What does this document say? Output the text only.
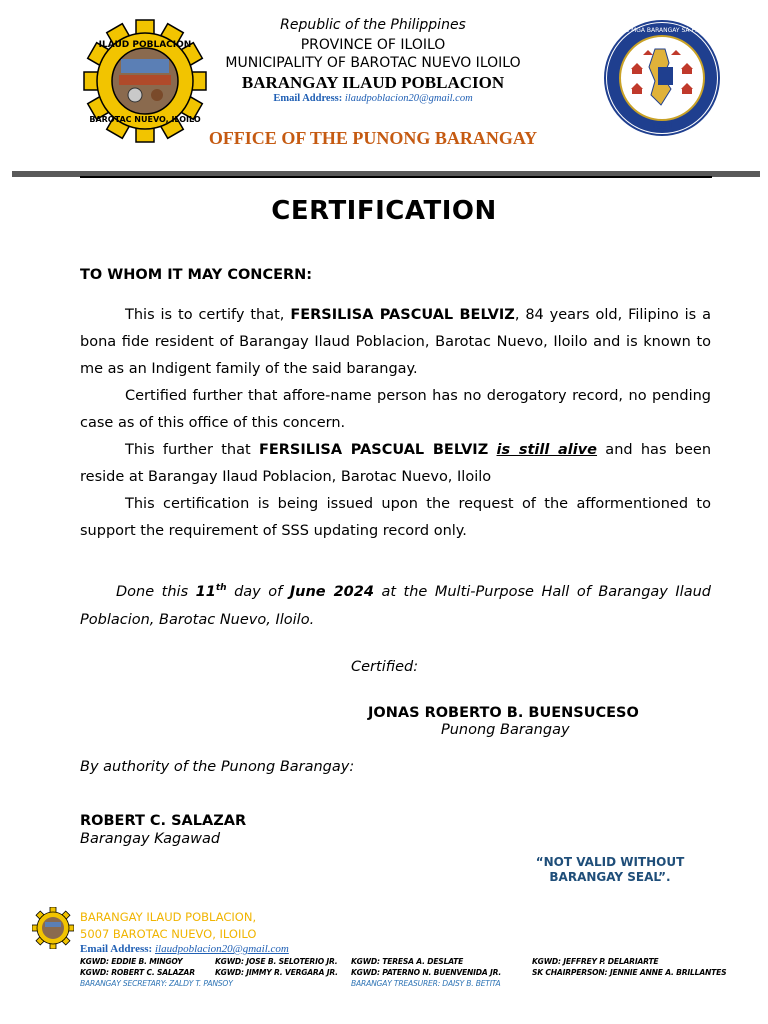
ILAUD POBLACION
BAROTAC NUEVO, ILOILO
LIGA NG MGA BARANGAY SA PILIPINAS
1991
Republic of the Philippines
PROVINCE OF ILOILO
MUNICIPALITY OF BAROTAC NUEVO ILOILO
BARANGAY ILAUD POBLACION
Email Address: ilaudpoblacion20@gmail.com
OFFICE OF THE PUNONG BARANGAY
CERTIFICATION
TO WHOM IT MAY CONCERN:
This is to certify that, FERSILISA PASCUAL BELVIZ, 84 years old, Filipino is a bona fide resident of Barangay Ilaud Poblacion, Barotac Nuevo, Iloilo and is known to me as an Indigent family of the said barangay.
Certified further that affore-name person has no derogatory record, no pending case as of this office of this concern.
This further that FERSILISA PASCUAL BELVIZ is still alive and has been reside at Barangay Ilaud Poblacion, Barotac Nuevo, Iloilo
This certification is being issued upon the request of the afformentioned to support the requirement of SSS updating record only.
Done this 11th day of June 2024 at the Multi-Purpose Hall of Barangay Ilaud Poblacion, Barotac Nuevo, Iloilo.
Certified:
JONAS ROBERTO B. BUENSUCESO
Punong Barangay
By authority of the Punong Barangay:
ROBERT C. SALAZAR
Barangay Kagawad
“NOT VALID WITHOUT
BARANGAY SEAL”.
BARANGAY ILAUD POBLACION,
5007 BAROTAC NUEVO, ILOILO
Email Address: ilaudpoblacion20@gmail.com
KGWD: EDDIE B. MINGOY	KGWD: JOSE B. SELOTERIO JR. KGWD: TERESA A. DESLATE	KGWD: JEFFREY P. DELARIARTE
KGWD: ROBERT C. SALAZAR	KGWD: JIMMY R. VERGARA JR. KGWD: PATERNO N. BUENVENIDA JR.	SK CHAIRPERSON: JENNIE ANNE A. BRILLANTES
BARANGAY SECRETARY: ZALDY T. PANSOY	BARANGAY TREASURER: DAISY B. BETITA
